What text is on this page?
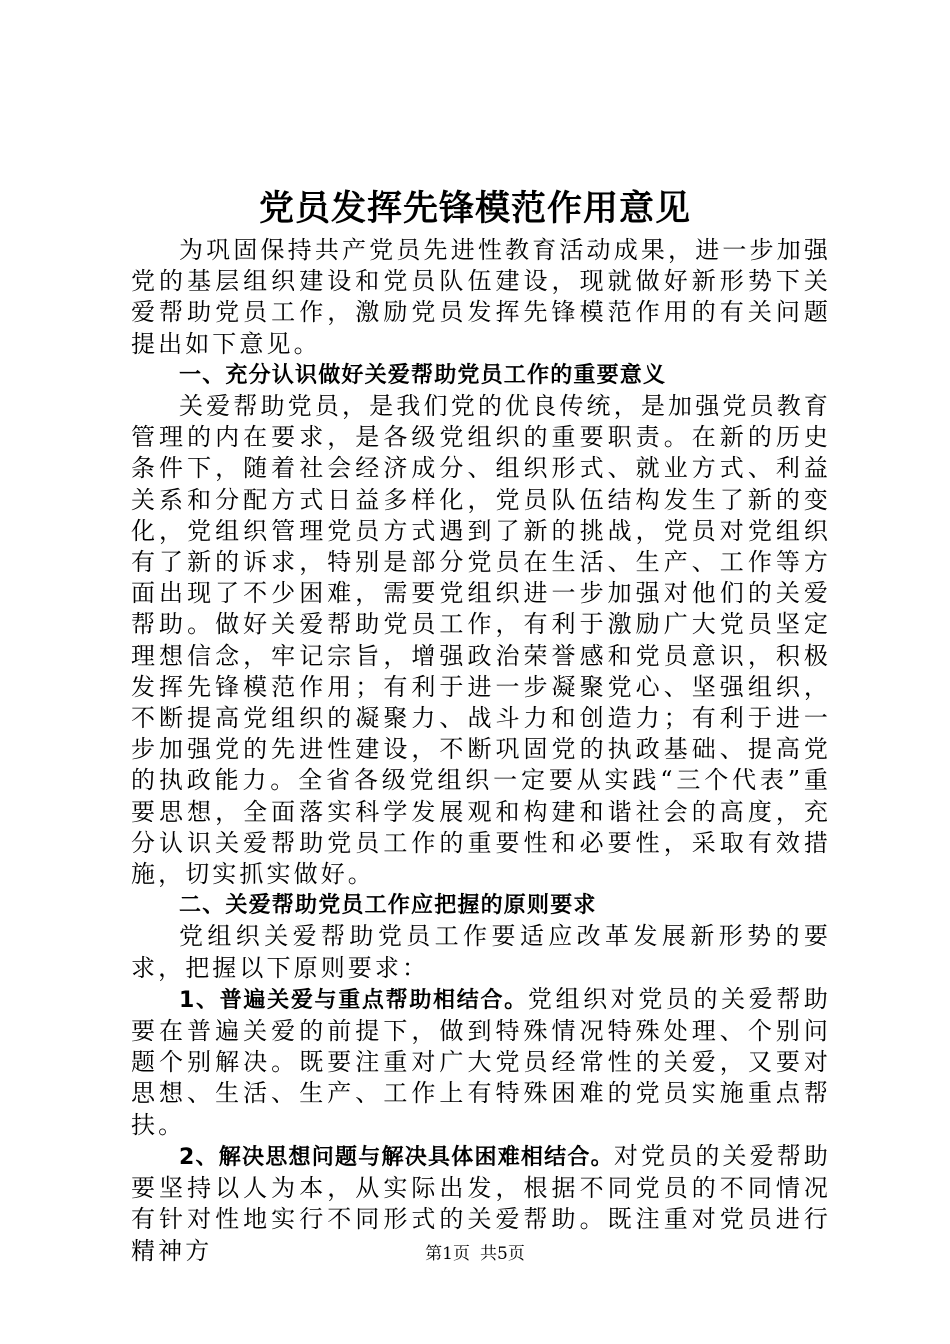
党员发挥先锋模范作用意见

为巩固保持共产党员先进性教育活动成果，进一步加强党的基层组织建设和党员队伍建设，现就做好新形势下关爱帮助党员工作，激励党员发挥先锋模范作用的有关问题提出如下意见。

一、充分认识做好关爱帮助党员工作的重要意义

关爱帮助党员，是我们党的优良传统，是加强党员教育管理的内在要求，是各级党组织的重要职责。在新的历史条件下，随着社会经济成分、组织形式、就业方式、利益关系和分配方式日益多样化，党员队伍结构发生了新的变化，党组织管理党员方式遇到了新的挑战，党员对党组织有了新的诉求，特别是部分党员在生活、生产、工作等方面出现了不少困难，需要党组织进一步加强对他们的关爱帮助。做好关爱帮助党员工作，有利于激励广大党员坚定理想信念，牢记宗旨，增强政治荣誉感和党员意识，积极发挥先锋模范作用；有利于进一步凝聚党心、坚强组织，不断提高党组织的凝聚力、战斗力和创造力；有利于进一步加强党的先进性建设，不断巩固党的执政基础、提高党的执政能力。全省各级党组织一定要从实践“三个代表”重要思想，全面落实科学发展观和构建和谐社会的高度，充分认识关爱帮助党员工作的重要性和必要性，采取有效措施，切实抓实做好。

二、关爱帮助党员工作应把握的原则要求

党组织关爱帮助党员工作要适应改革发展新形势的要求，把握以下原则要求：

1、普遍关爱与重点帮助相结合。党组织对党员的关爱帮助要在普遍关爱的前提下，做到特殊情况特殊处理、个别问题个别解决。既要注重对广大党员经常性的关爱，又要对思想、生活、生产、工作上有特殊困难的党员实施重点帮扶。

2、解决思想问题与解决具体困难相结合。对党员的关爱帮助要坚持以人为本，从实际出发，根据不同党员的不同情况有针对性地实行不同形式的关爱帮助。既注重对党员进行精神方	第1页 共5页
